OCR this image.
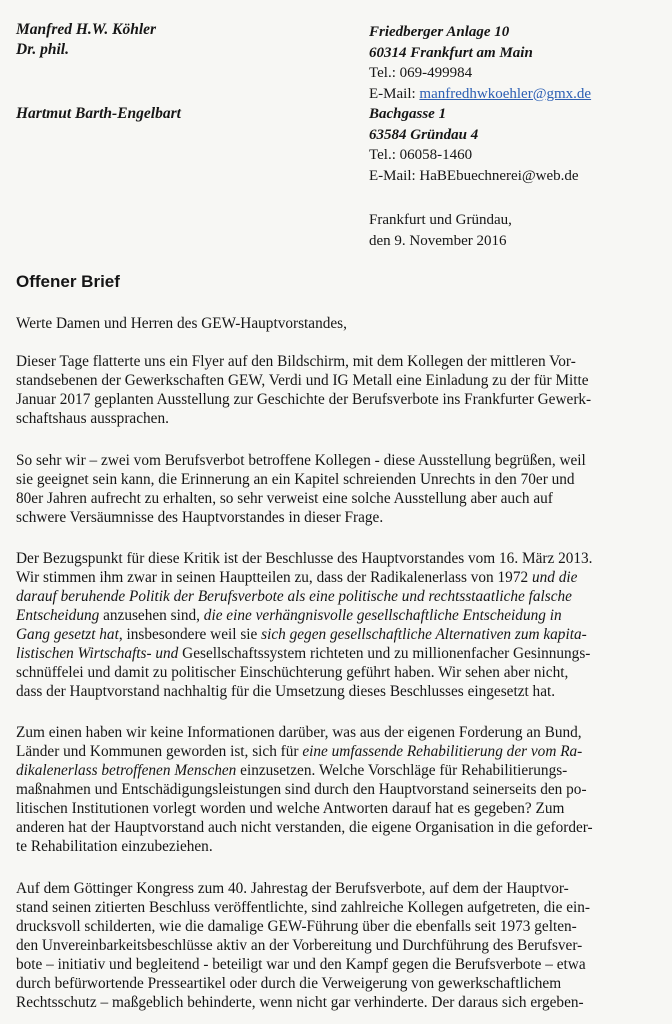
Manfred H.W. Köhler
Dr. phil.
Hartmut Barth-Engelbart
Friedberger Anlage 10
60314 Frankfurt am Main
Tel.: 069-499984
E-Mail: manfredhwkoehler@gmx.de
Bachgasse 1
63584 Gründau 4
Tel.: 06058-1460
E-Mail: HaBEbuechnerei@web.de
Frankfurt und Gründau,
den 9. November 2016
Offener Brief
Werte Damen und Herren des GEW-Hauptvorstandes,
Dieser Tage flatterte uns ein Flyer auf den Bildschirm, mit dem Kollegen der mittleren Vor-
standsebenen der Gewerkschaften GEW, Verdi und IG Metall eine Einladung zu der für Mitte
Januar 2017 geplanten Ausstellung zur Geschichte der Berufsverbote ins Frankfurter Gewerk-
schaftshaus aussprachen.
So sehr wir – zwei vom Berufsverbot betroffene Kollegen - diese Ausstellung begrüßen, weil
sie geeignet sein kann, die Erinnerung an ein Kapitel schreienden Unrechts in den 70er und
80er Jahren aufrecht zu erhalten, so sehr verweist eine solche Ausstellung aber auch auf
schwere Versäumnisse des Hauptvorstandes in dieser Frage.
Der Bezugspunkt für diese Kritik ist der Beschlusse des Hauptvorstandes vom 16. März 2013.
Wir stimmen ihm zwar in seinen Hauptteilen zu, dass der Radikalenerlass von 1972 und die
darauf beruhende Politik der Berufsverbote als eine politische und rechtsstaatliche falsche
Entscheidung anzusehen sind, die eine verhängnisvolle gesellschaftliche Entscheidung in
Gang gesetzt hat, insbesondere weil sie sich gegen gesellschaftliche Alternativen zum kapita-
listischen Wirtschafts- und Gesellschaftssystem richteten und zu millionenfacher Gesinnungs-
schnüffelei und damit zu politischer Einschüchterung geführt haben. Wir sehen aber nicht,
dass der Hauptvorstand nachhaltig für die Umsetzung dieses Beschlusses eingesetzt hat.
Zum einen haben wir keine Informationen darüber, was aus der eigenen Forderung an Bund,
Länder und Kommunen geworden ist, sich für eine umfassende Rehabilitierung der vom Ra-
dikalenerlass betroffenen Menschen einzusetzen. Welche Vorschläge für Rehabilitierungs-
maßnahmen und Entschädigungsleistungen sind durch den Hauptvorstand seinerseits den po-
litischen Institutionen vorlegt worden und welche Antworten darauf hat es gegeben? Zum
anderen hat der Hauptvorstand auch nicht verstanden, die eigene Organisation in die geforder-
te Rehabilitation einzubeziehen.
Auf dem Göttinger Kongress zum 40. Jahrestag der Berufsverbote, auf dem der Hauptvor-
stand seinen zitierten Beschluss veröffentlichte, sind zahlreiche Kollegen aufgetreten, die ein-
drucksvoll schilderten, wie die damalige GEW-Führung über die ebenfalls seit 1973 gelten-
den Unvereinbarkeitsbeschlüsse aktiv an der Vorbereitung und Durchführung des Berufsver-
bote – initiativ und begleitend - beteiligt war und den Kampf gegen die Berufsverbote – etwa
durch befürwortende Presseartikel oder durch die Verweigerung von gewerkschaftlichem
Rechtsschutz – maßgeblich behinderte, wenn nicht gar verhinderte. Der daraus sich ergeben-
